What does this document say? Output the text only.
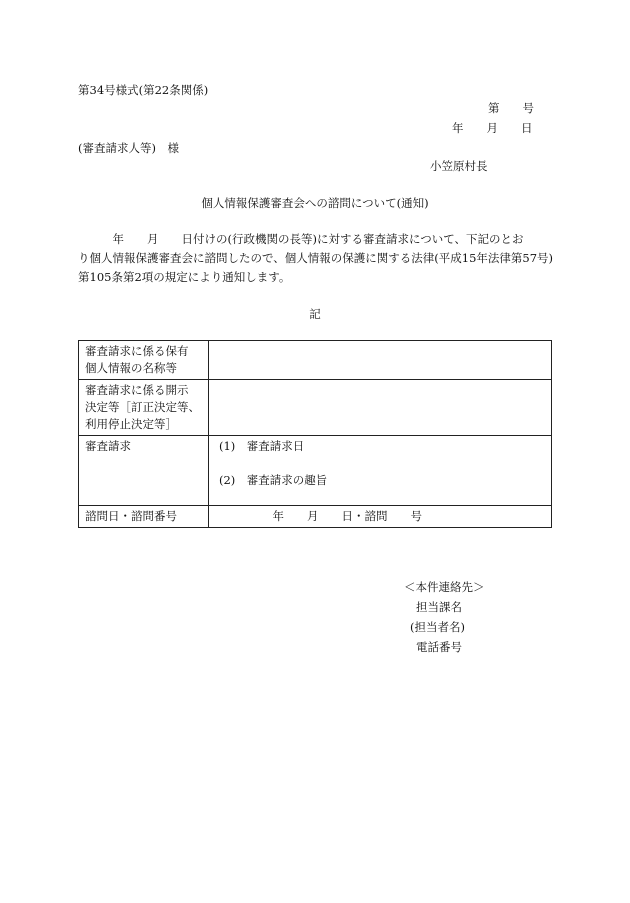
第34号様式(第22条関係)
第　　号
年　　月　　日
(審査請求人等)　様
小笠原村長
個人情報保護審査会への諮問について(通知)
　　　年　　月　　日付けの(行政機関の長等)に対する審査請求について、下記のとお
り個人情報保護審査会に諮問したので、個人情報の保護に関する法律(平成15年法律第57号)
第105条第2項の規定により通知します。
記
審査請求に係る保有
個人情報の名称等	

審査請求に係る開示
決定等［訂正決定等、
利用停止決定等］	

審査請求	(1)　審査請求日
(2)　審査請求の趣旨

諮問日・諮問番号	　　　　　年　　月　　日・諮問　　号
＜本件連絡先＞
担当課名
(担当者名)
電話番号
